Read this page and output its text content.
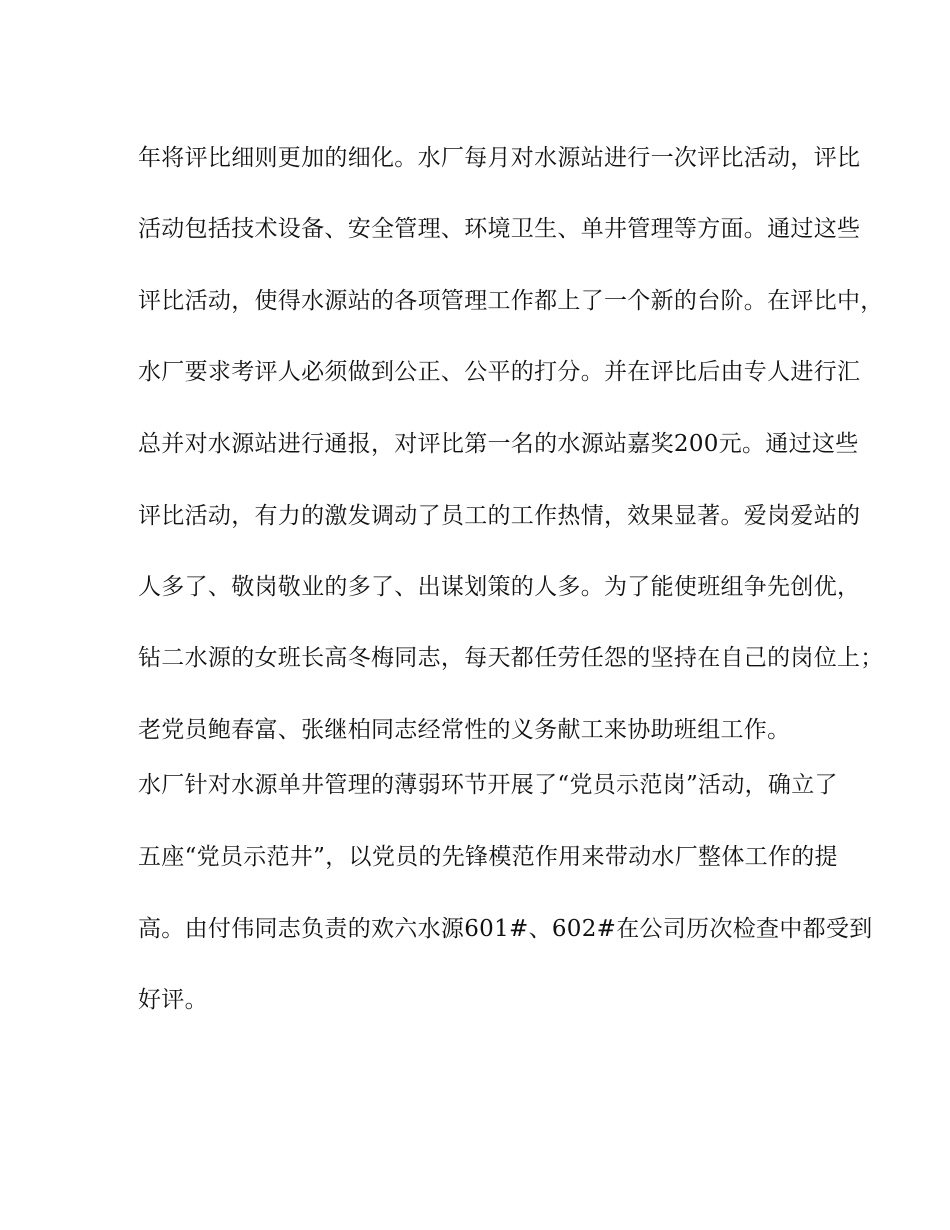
年将评比细则更加的细化。水厂每月对水源站进行一次评比活动，评比
活动包括技术设备、安全管理、环境卫生、单井管理等方面。通过这些
评比活动，使得水源站的各项管理工作都上了一个新的台阶。在评比中，
水厂要求考评人必须做到公正、公平的打分。并在评比后由专人进行汇
总并对水源站进行通报，对评比第一名的水源站嘉奖200元。通过这些
评比活动，有力的激发调动了员工的工作热情，效果显著。爱岗爱站的
人多了、敬岗敬业的多了、出谋划策的人多。为了能使班组争先创优，
钻二水源的女班长高冬梅同志，每天都任劳任怨的坚持在自己的岗位上；
老党员鲍春富、张继柏同志经常性的义务献工来协助班组工作。
水厂针对水源单井管理的薄弱环节开展了“党员示范岗”活动，确立了
五座“党员示范井”，以党员的先锋模范作用来带动水厂整体工作的提
高。由付伟同志负责的欢六水源601#、602#在公司历次检查中都受到
好评。
